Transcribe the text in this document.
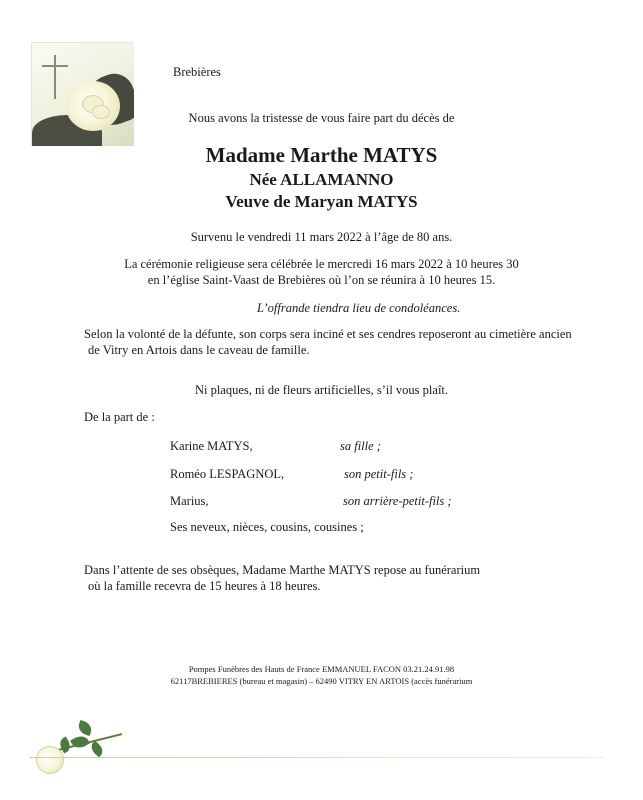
Brebières
Nous avons la tristesse de vous faire part du décès de
Madame Marthe MATYS
Née ALLAMANNO
Veuve de Maryan MATYS
Survenu le vendredi 11 mars 2022 à l’âge de 80 ans.
La cérémonie religieuse sera célébrée le mercredi 16 mars 2022 à 10 heures 30
en l’église Saint-Vaast de Brebières où l’on se réunira à 10 heures 15.
L’offrande tiendra lieu de condoléances.
Selon la volonté de la défunte, son corps sera inciné et ses cendres reposeront au cimetière ancien
de Vitry en Artois dans le caveau de famille.
Ni plaques, ni de fleurs artificielles, s’il vous plaît.
De la part de :
Karine MATYS,	sa fille ;
Roméo LESPAGNOL,	son petit-fils ;
Marius,	son arrière-petit-fils ;
Ses neveux, nièces, cousins, cousines ;
Dans l’attente de ses obsèques, Madame Marthe MATYS repose au funérarium
où la famille recevra de 15 heures à 18 heures.
Pompes Funèbres des Hauts de France EMMANUEL FACON 03.21.24.91.98
62117BREBIERES (bureau et magasin) – 62490 VITRY EN ARTOIS (accès funérarium
